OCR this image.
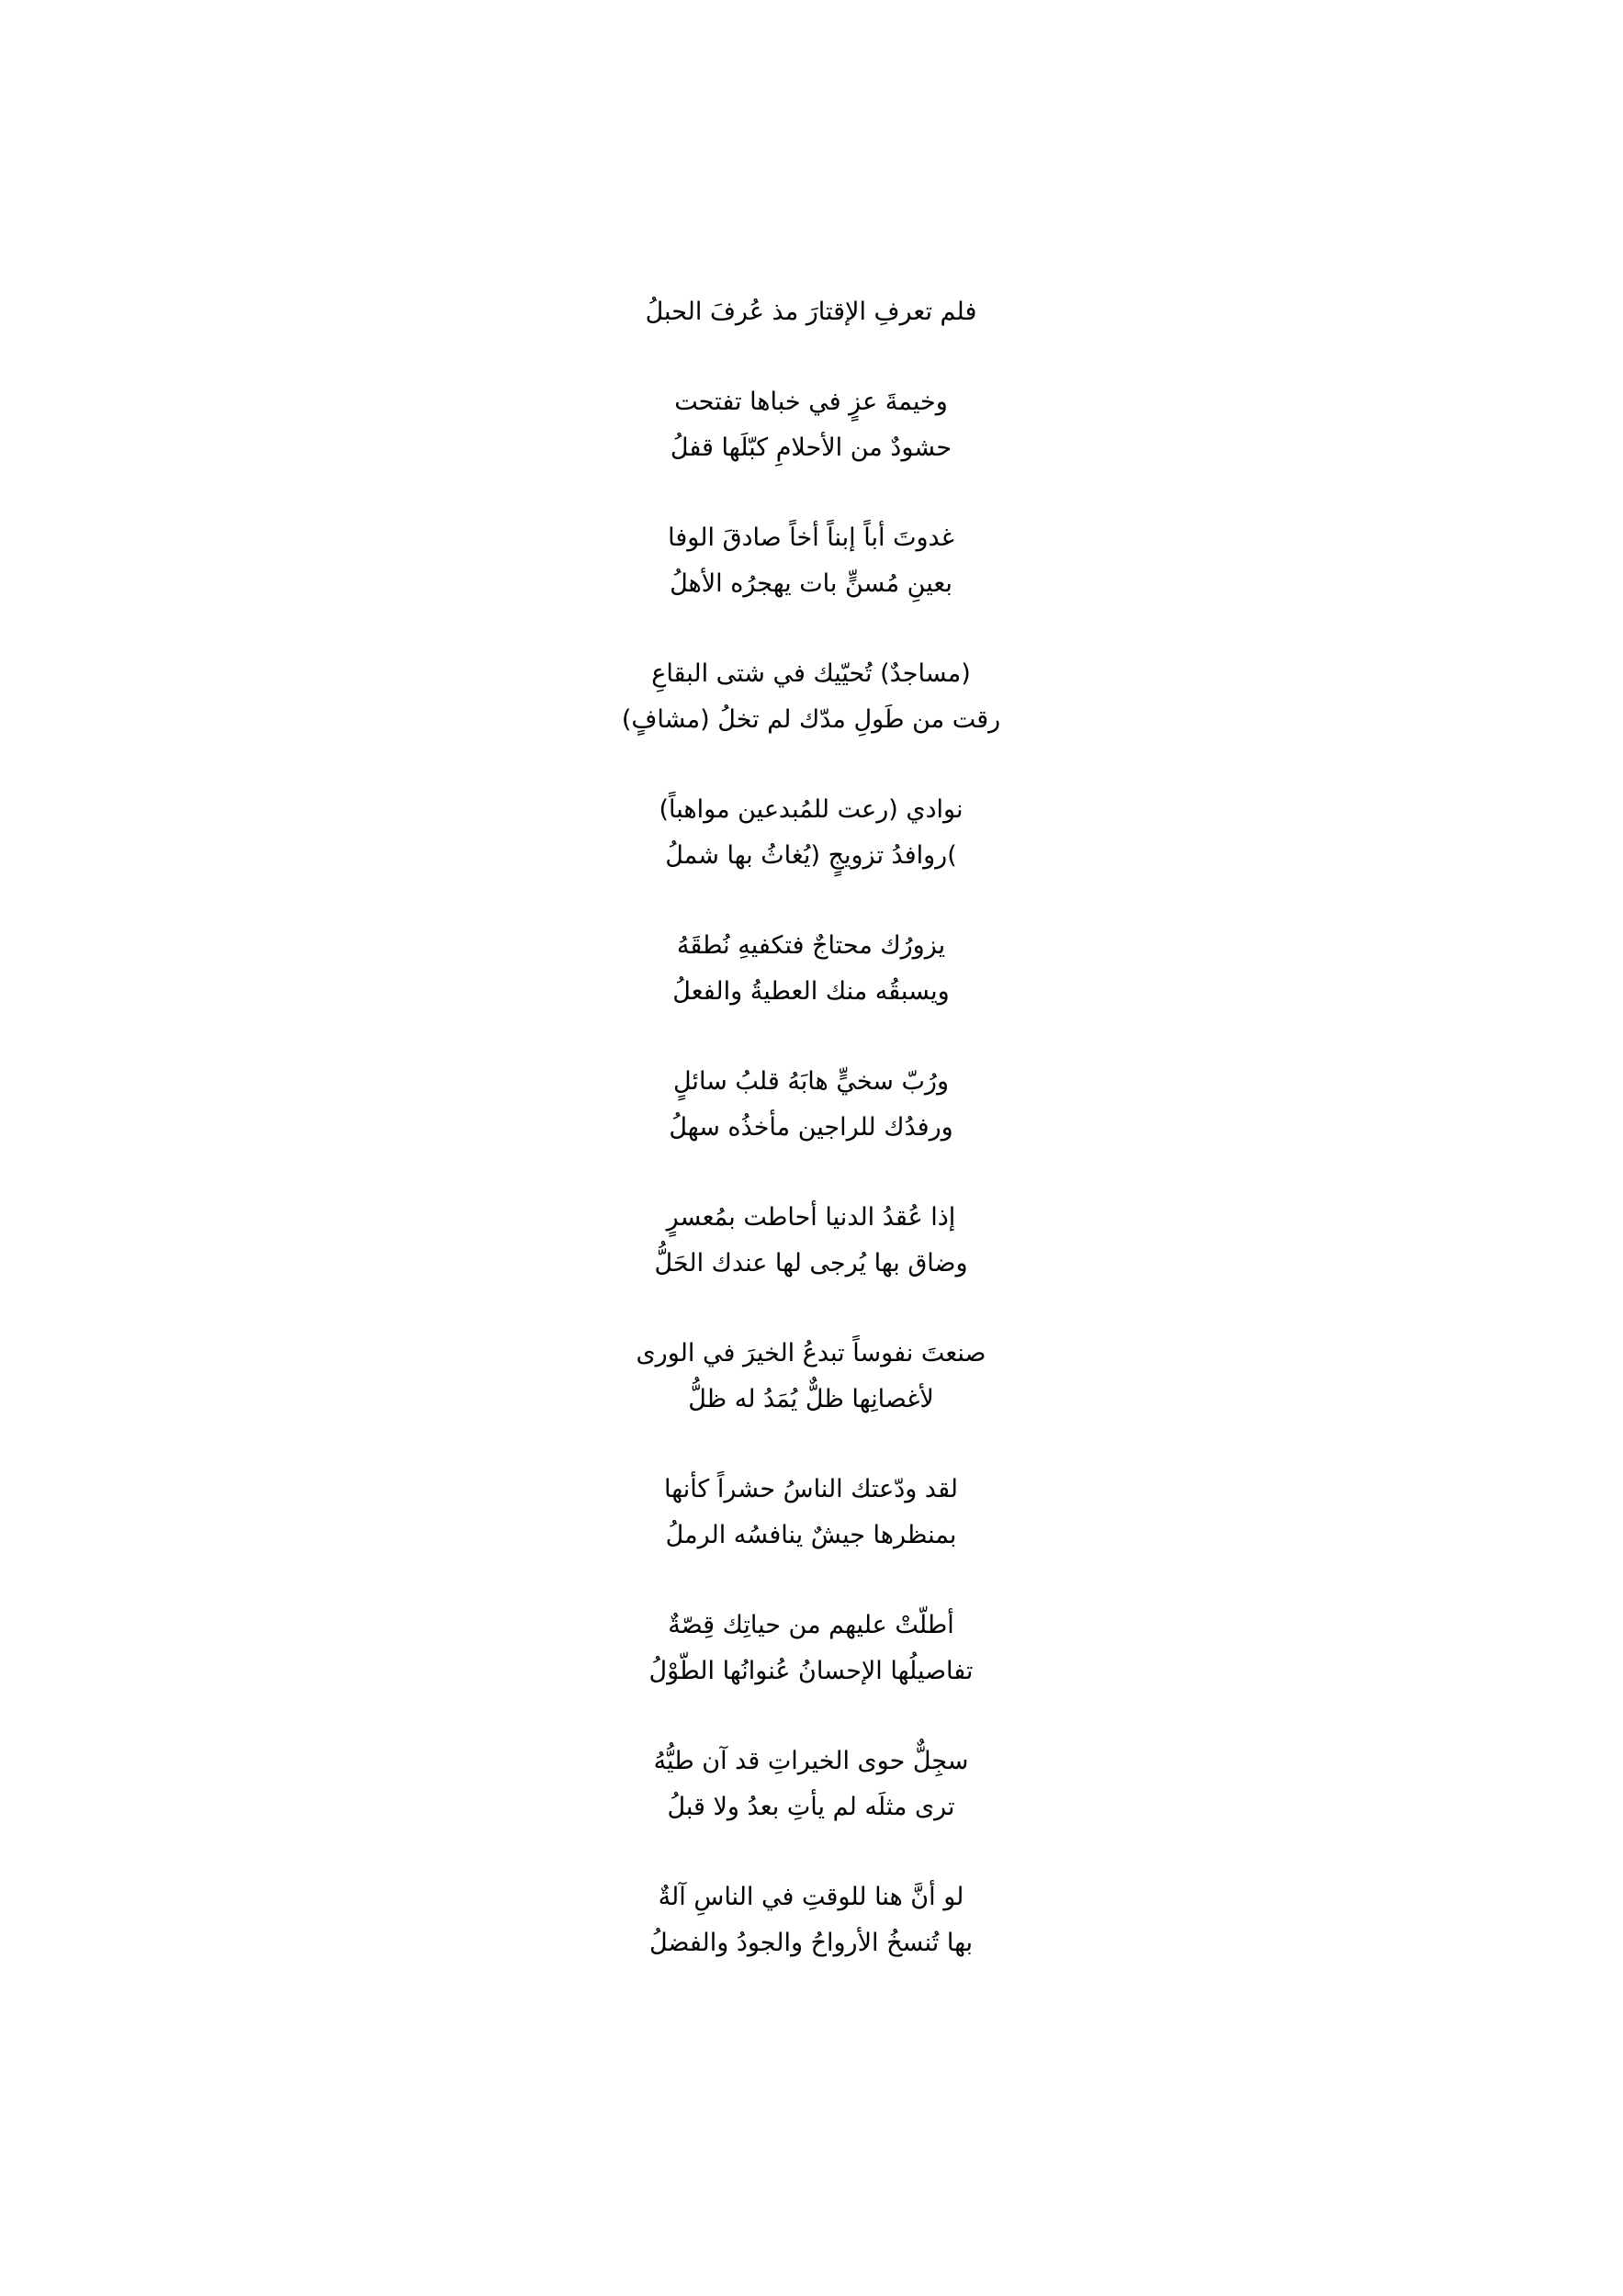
فلم تعرفِ الإقتارَ مذ عُرفَ الحبلُ
وخيمةَ عزٍ في خباها تفتحت
حشودٌ من الأحلامِ كبّلَها قفلُ
غدوتَ أباً إبناً أخاً صادقَ الوفا
بعينِ مُسنٍّ بات يهجرُه الأهلُ
(مساجدٌ) تُحيّيك في شتى البقاعِ
رقت من طَولِ مدّك لم تخلُ (مشافٍ)
نوادي (رعت للمُبدعين مواهباً)
)روافدُ تزويجٍ (يُغاثُ بها شملُ
يزورُك محتاجٌ فتكفيهِ نُطقَهُ
ويسبقُه منك العطيةُ والفعلُ
ورُبّ سخيٍّ هابَهُ قلبُ سائلٍ
ورفدُك للراجين مأخذُه سهلُ
إذا عُقدُ الدنيا أحاطت بمُعسرٍ
وضاق بها يُرجى لها عندك الحَلُّ
صنعتَ نفوساً تبدعُ الخيرَ في الورى
لأغصانِها ظلٌّ يُمَدُ له ظلُّ
لقد ودّعتك الناسُ حشراً كأنها
بمنظرها جيشٌ ينافسُه الرملُ
أطلّتْ عليهم من حياتِك قِصّةٌ
تفاصيلُها الإحسانُ عُنوانُها الطّوْلُ
سجِلٌّ حوى الخيراتِ قد آن طيُّهُ
ترى مثلَه لم يأتِ بعدُ ولا قبلُ
لو أنَّ هنا للوقتِ في الناسِ آلةٌ
بها تُنسخُ الأرواحُ والجودُ والفضلُ
